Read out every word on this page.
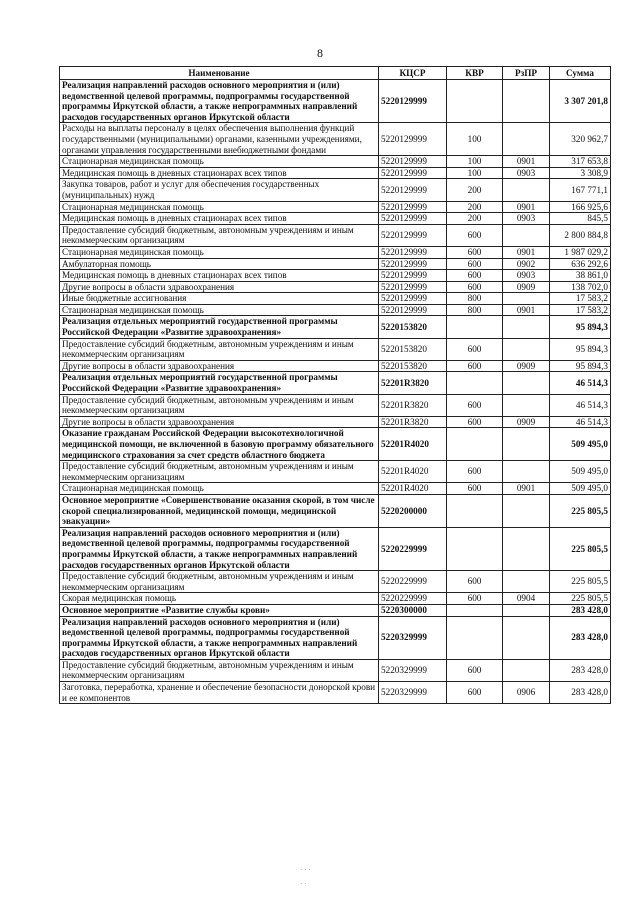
8
Наименование	КЦСР	КВР	РзПР	Сумма
Реализация направлений расходов основного мероприятия и (или) ведомственной целевой программы, подпрограммы государственной программы Иркутской области, а также непрограммных направлений расходов государственных органов Иркутской области	5220129999			3 307 201,8
Расходы на выплаты персоналу в целях обеспечения выполнения функций государственными (муниципальными) органами, казенными учреждениями, органами управления государственными внебюджетными фондами	5220129999	100		320 962,7
Стационарная медицинская помощь	5220129999	100	0901	317 653,8
Медицинская помощь в дневных стационарах всех типов	5220129999	100	0903	3 308,9
Закупка товаров, работ и услуг для обеспечения государственных (муниципальных) нужд	5220129999	200		167 771,1
Стационарная медицинская помощь	5220129999	200	0901	166 925,6
Медицинская помощь в дневных стационарах всех типов	5220129999	200	0903	845,5
Предоставление субсидий бюджетным, автономным учреждениям и иным некоммерческим организациям	5220129999	600		2 800 884,8
Стационарная медицинская помощь	5220129999	600	0901	1 987 029,2
Амбулаторная помощь	5220129999	600	0902	636 292,6
Медицинская помощь в дневных стационарах всех типов	5220129999	600	0903	38 861,0
Другие вопросы в области здравоохранения	5220129999	600	0909	138 702,0
Иные бюджетные ассигнования	5220129999	800		17 583,2
Стационарная медицинская помощь	5220129999	800	0901	17 583,2
Реализация отдельных мероприятий государственной программы Российской Федерации «Развитие здравоохранения»	5220153820			95 894,3
Предоставление субсидий бюджетным, автономным учреждениям и иным некоммерческим организациям	5220153820	600		95 894,3
Другие вопросы в области здравоохранения	5220153820	600	0909	95 894,3
Реализация отдельных мероприятий государственной программы Российской Федерации «Развитие здравоохранения»	52201R3820			46 514,3
Предоставление субсидий бюджетным, автономным учреждениям и иным некоммерческим организациям	52201R3820	600		46 514,3
Другие вопросы в области здравоохранения	52201R3820	600	0909	46 514,3
Оказание гражданам Российской Федерации высокотехнологичной медицинской помощи, не включенной в базовую программу обязательного медицинского страхования за счет средств областного бюджета	52201R4020			509 495,0
Предоставление субсидий бюджетным, автономным учреждениям и иным некоммерческим организациям	52201R4020	600		509 495,0
Стационарная медицинская помощь	52201R4020	600	0901	509 495,0
Основное мероприятие «Совершенствование оказания скорой, в том числе скорой специализированной, медицинской помощи, медицинской эвакуации»	5220200000			225 805,5
Реализация направлений расходов основного мероприятия и (или) ведомственной целевой программы, подпрограммы государственной программы Иркутской области, а также непрограммных направлений расходов государственных органов Иркутской области	5220229999			225 805,5
Предоставление субсидий бюджетным, автономным учреждениям и иным некоммерческим организациям	5220229999	600		225 805,5
Скорая медицинская помощь	5220229999	600	0904	225 805,5
Основное мероприятие «Развитие службы крови»	5220300000			283 428,0
Реализация направлений расходов основного мероприятия и (или) ведомственной целевой программы, подпрограммы государственной программы Иркутской области, а также непрограммных направлений расходов государственных органов Иркутской области	5220329999			283 428,0
Предоставление субсидий бюджетным, автономным учреждениям и иным некоммерческим организациям	5220329999	600		283 428,0
Заготовка, переработка, хранение и обеспечение безопасности донорской крови и ее компонентов	5220329999	600	0906	283 428,0
· · ·
· ·
